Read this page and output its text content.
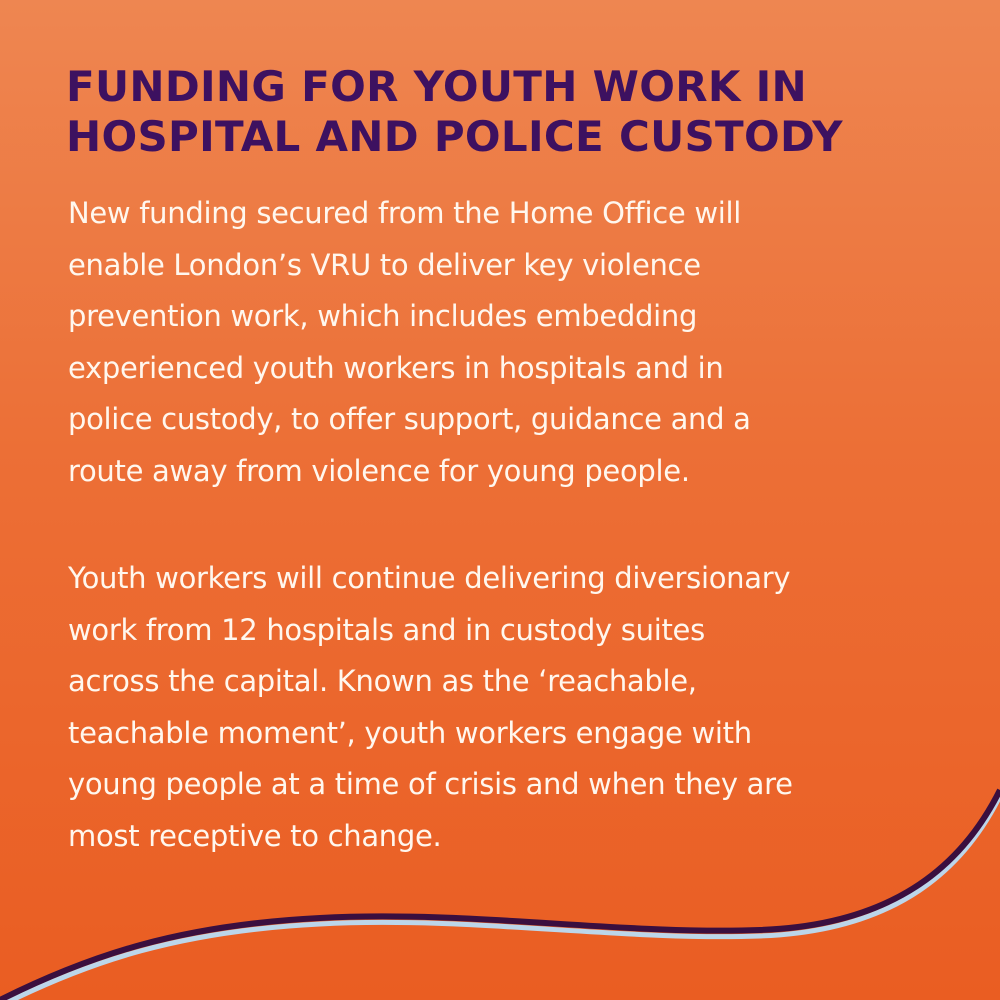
FUNDING FOR YOUTH WORK IN
HOSPITAL AND POLICE CUSTODY

New funding secured from the Home Office will
enable London’s VRU to deliver key violence
prevention work, which includes embedding
experienced youth workers in hospitals and in
police custody, to offer support, guidance and a
route away from violence for young people.

Youth workers will continue delivering diversionary
work from 12 hospitals and in custody suites
across the capital. Known as the ‘reachable,
teachable moment’, youth workers engage with
young people at a time of crisis and when they are
most receptive to change.
